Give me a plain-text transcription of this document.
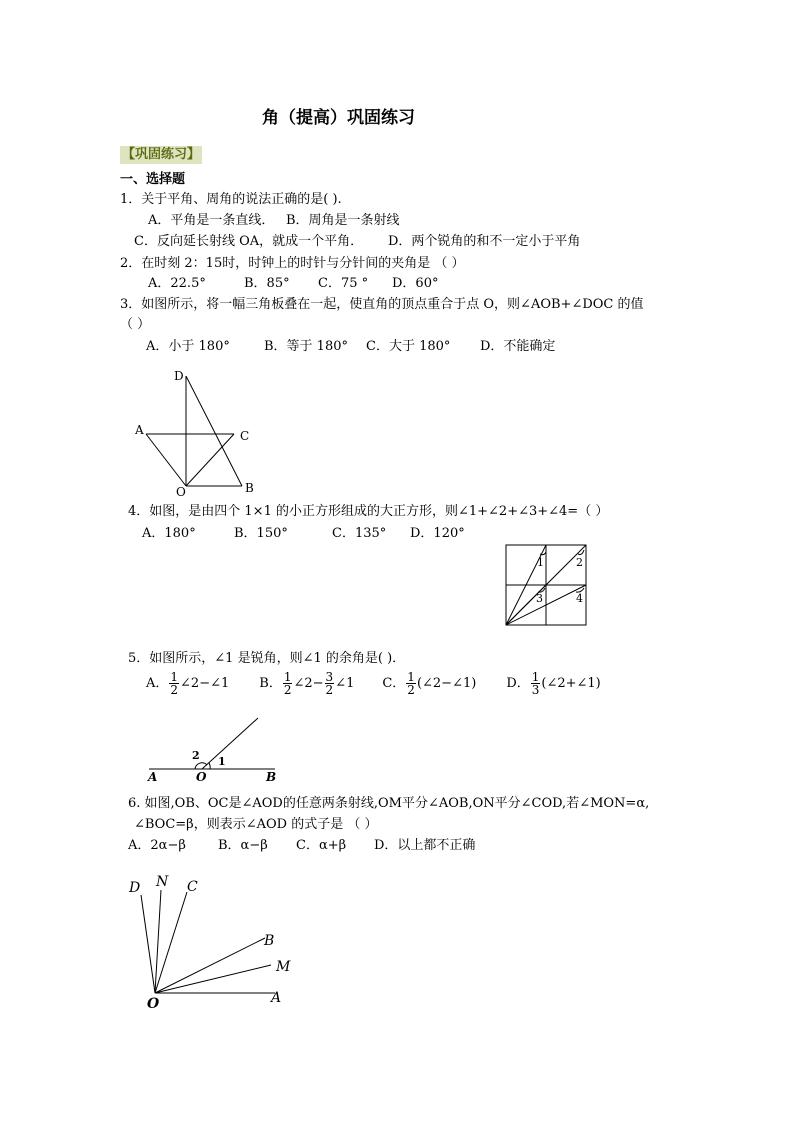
角（提高）巩固练习
【巩固练习】
一、选择题
1．关于平角、周角的说法正确的是( ).
A．平角是一条直线． B．周角是一条射线
C．反向延长射线 OA，就成一个平角． D．两个锐角的和不一定小于平角
2．在时刻 2：15时，时钟上的时针与分针间的夹角是 （ ）
A．22.5°	B．85° C．75 ° D．60°
3．如图所示，将一幅三角板叠在一起，使直角的顶点重合于点 O，则∠AOB+∠DOC 的值
（ ）
A．小于 180°	B．等于 180° C．大于 180° D．不能确定
D
A	C
O	B
4．如图，是由四个 1×1 的小正方形组成的大正方形，则∠1+∠2+∠3+∠4=（ ）
A．180°	B．150°	C．135° D．120°
1	2
3	4
5．如图所示，∠1 是锐角，则∠1 的余角是( )．
A． $\frac{1}{2}$ ∠2−∠1 B． $\frac{1}{2}$ ∠2− $\frac{3}{2}$ ∠1 C． $\frac{1}{2}$ (∠2−∠1) D． $\frac{1}{3}$ (∠2+∠1)
A	O	B
1
2
6. 如图,OB、OC是∠AOD的任意两条射线,OM平分∠AOB,ON平分∠COD,若∠MON=α,
∠BOC=β，则表示∠AOD 的式子是 （ ）
A．2α−β B．α−β C．α+β D．以上都不正确
D N C
B
M
O	A
